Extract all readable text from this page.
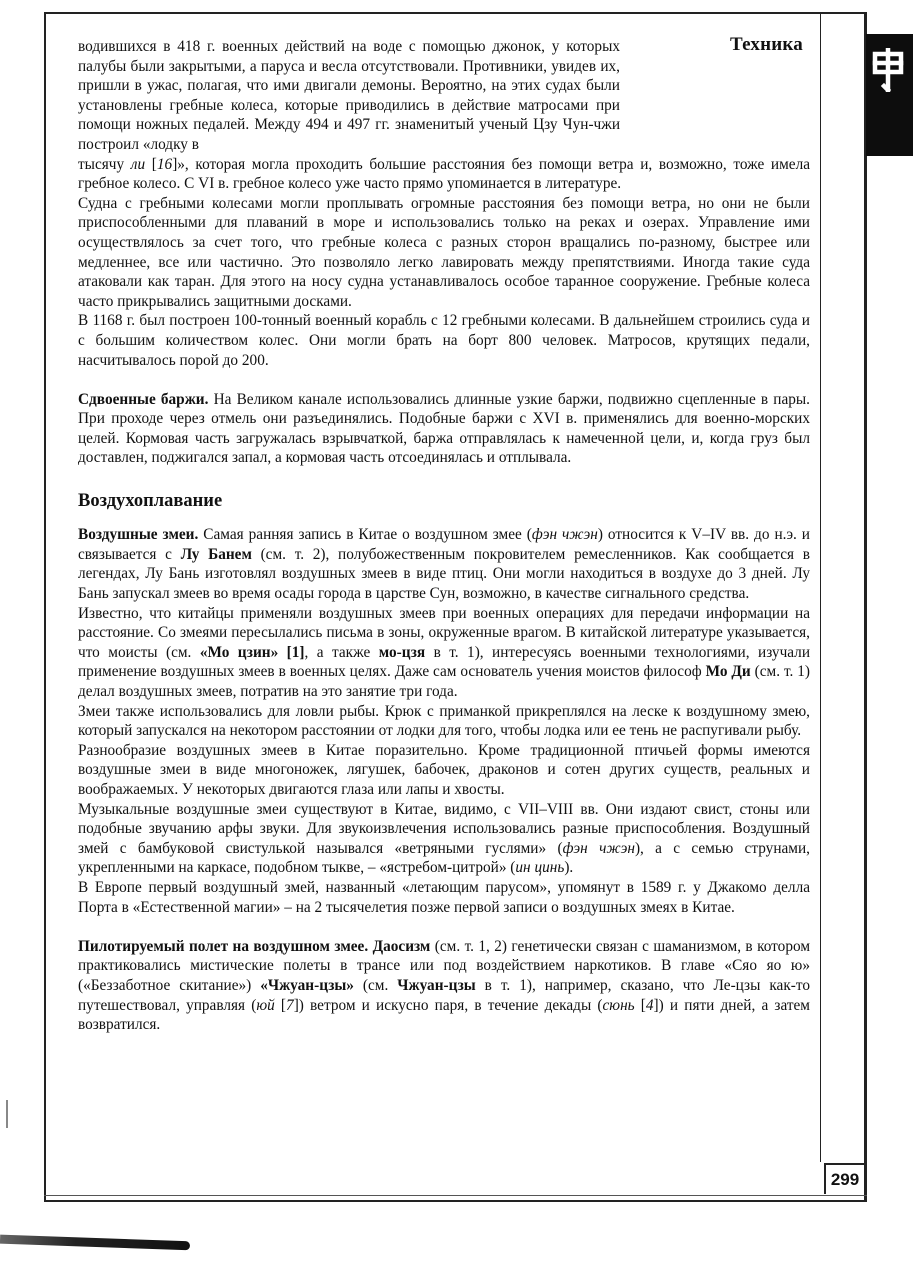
Техника

водившихся в 418 г. военных действий на воде с помощью джонок, у которых палубы были закрытыми, а паруса и весла отсутствовали. Противники, увидев их, пришли в ужас, полагая, что ими двигали демоны. Вероятно, на этих судах были установлены гребные колеса, которые приводились в действие матросами при помощи ножных педалей. Между 494 и 497 гг. знаменитый ученый Цзу Чун-чжи построил «лодку в

тысячу ли [16]», которая могла проходить большие расстояния без помощи ветра и, возможно, тоже имела гребное колесо. С VI в. гребное колесо уже часто прямо упоминается в литературе.

Судна с гребными колесами могли проплывать огромные расстояния без помощи ветра, но они не были приспособленными для плаваний в море и использовались только на реках и озерах. Управление ими осуществлялось за счет того, что гребные колеса с разных сторон вращались по-разному, быстрее или медленнее, все или частично. Это позволяло легко лавировать между препятствиями. Иногда такие суда атаковали как таран. Для этого на носу судна устанавливалось особое таранное сооружение. Гребные колеса часто прикрывались защитными досками.

В 1168 г. был построен 100-тонный военный корабль с 12 гребными колесами. В дальнейшем строились суда и с большим количеством колес. Они могли брать на борт 800 человек. Матросов, крутящих педали, насчитывалось порой до 200.

Сдвоенные баржи. На Великом канале использовались длинные узкие баржи, подвижно сцепленные в пары. При проходе через отмель они разъединялись. Подобные баржи с XVI в. применялись для военно-морских целей. Кормовая часть загружалась взрывчаткой, баржа отправлялась к намеченной цели, и, когда груз был доставлен, поджигался запал, а кормовая часть отсоединялась и отплывала.

Воздухоплавание

Воздушные змеи. Самая ранняя запись в Китае о воздушном змее (фэн чжэн) относится к V–IV вв. до н.э. и связывается с Лу Банем (см. т. 2), полубожественным покровителем ремесленников. Как сообщается в легендах, Лу Бань изготовлял воздушных змеев в виде птиц. Они могли находиться в воздухе до 3 дней. Лу Бань запускал змеев во время осады города в царстве Сун, возможно, в качестве сигнального средства.

Известно, что китайцы применяли воздушных змеев при военных операциях для передачи информации на расстояние. Со змеями пересылались письма в зоны, окруженные врагом. В китайской литературе указывается, что моисты (см. «Мо цзин» [1], а также мо-цзя в т. 1), интересуясь военными технологиями, изучали применение воздушных змеев в военных целях. Даже сам основатель учения моистов философ Мо Ди (см. т. 1) делал воздушных змеев, потратив на это занятие три года.

Змеи также использовались для ловли рыбы. Крюк с приманкой прикреплялся на леске к воздушному змею, который запускался на некотором расстоянии от лодки для того, чтобы лодка или ее тень не распугивали рыбу.

Разнообразие воздушных змеев в Китае поразительно. Кроме традиционной птичьей формы имеются воздушные змеи в виде многоножек, лягушек, бабочек, драконов и сотен других существ, реальных и воображаемых. У некоторых двигаются глаза или лапы и хвосты.

Музыкальные воздушные змеи существуют в Китае, видимо, с VII–VIII вв. Они издают свист, стоны или подобные звучанию арфы звуки. Для звукоизвлечения использовались разные приспособления. Воздушный змей с бамбуковой свистулькой назывался «ветряными гуслями» (фэн чжэн), а с семью струнами, укрепленными на каркасе, подобном тыкве, – «ястребом-цитрой» (ин цинь).

В Европе первый воздушный змей, названный «летающим парусом», упомянут в 1589 г. у Джакомо делла Порта в «Естественной магии» – на 2 тысячелетия позже первой записи о воздушных змеях в Китае.

Пилотируемый полет на воздушном змее. Даосизм (см. т. 1, 2) генетически связан с шаманизмом, в котором практиковались мистические полеты в трансе или под воздействием наркотиков. В главе «Сяо яо ю» («Беззаботное скитание») «Чжуан-цзы» (см. Чжуан-цзы в т. 1), например, сказано, что Ле-цзы как-то путешествовал, управляя (юй [7]) ветром и искусно паря, в течение декады (сюнь [4]) и пяти дней, а затем возвратился.

299
